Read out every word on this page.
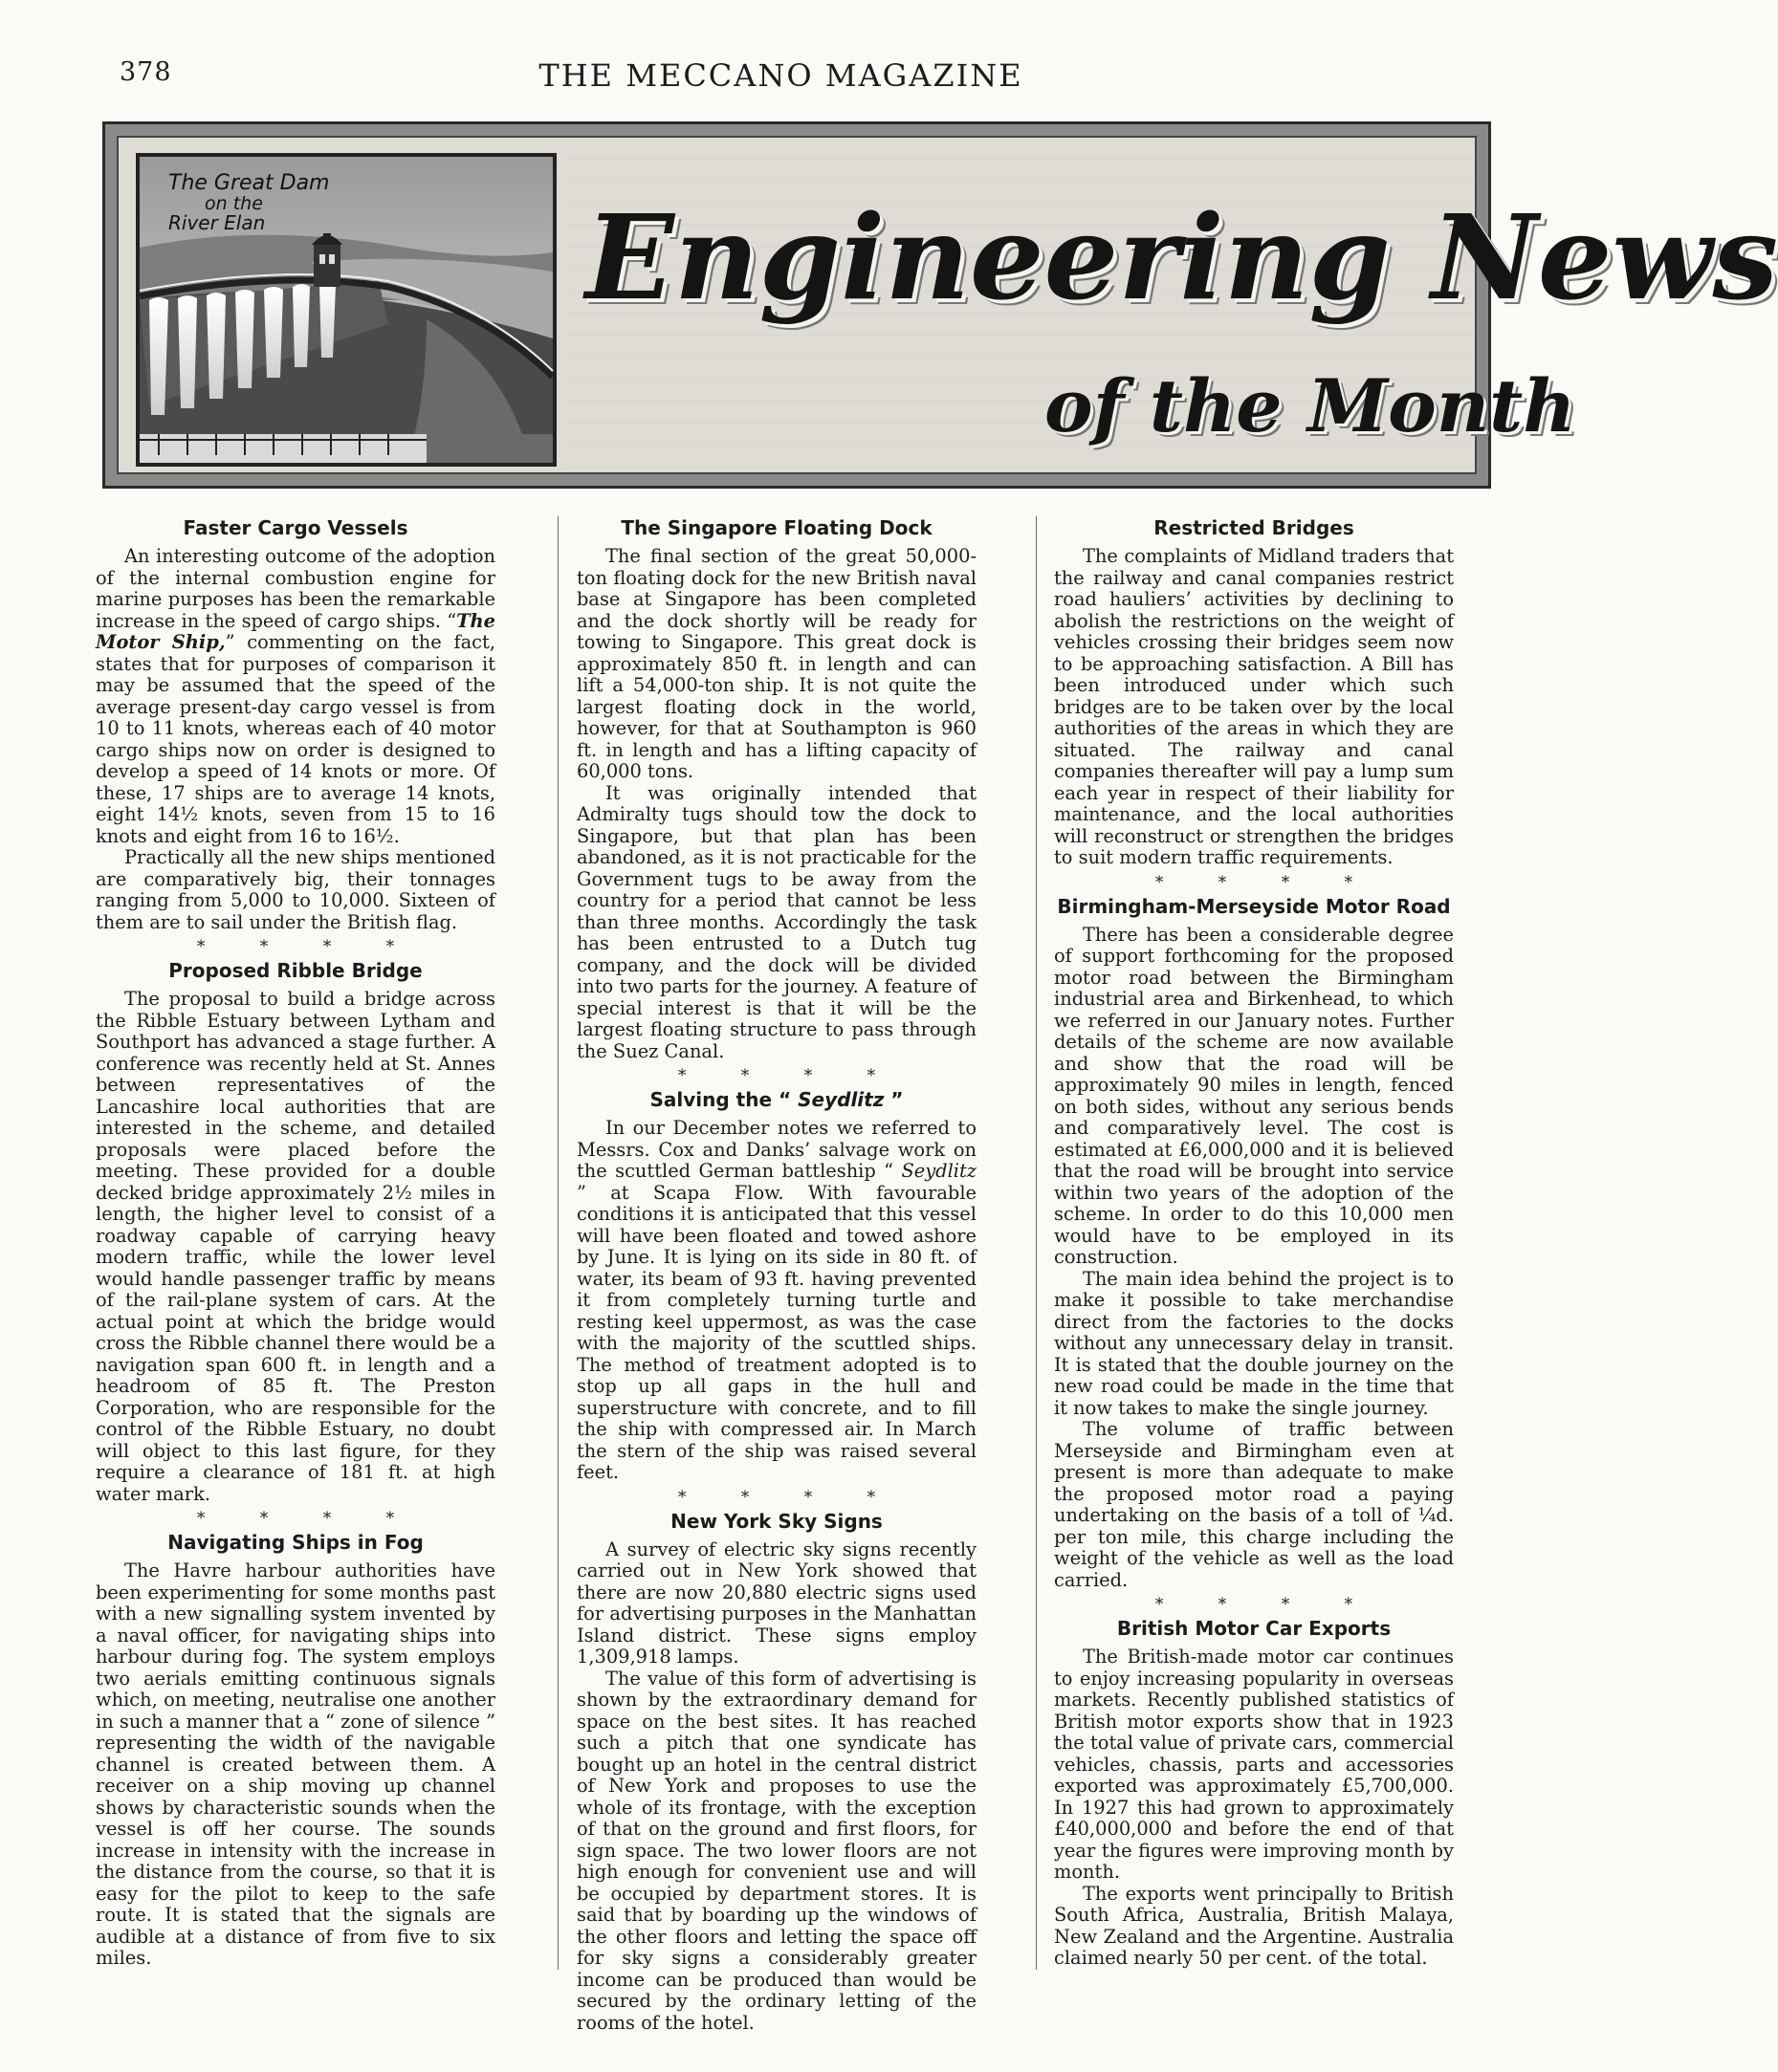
378	THE MECCANO MAGAZINE
The Great Dam
on the
River Elan	Engineering News
of the Month
Faster Cargo Vessels

An interesting outcome of the adoption of the internal combustion engine for marine purposes has been the remarkable increase in the speed of cargo ships. “The Motor Ship,” commenting on the fact, states that for purposes of comparison it may be assumed that the speed of the average present-day cargo vessel is from 10 to 11 knots, whereas each of 40 motor cargo ships now on order is designed to develop a speed of 14 knots or more. Of these, 17 ships are to average 14 knots, eight 14½ knots, seven from 15 to 16 knots and eight from 16 to 16½.

Practically all the new ships mentioned are comparatively big, their tonnages ranging from 5,000 to 10,000. Sixteen of them are to sail under the British flag.

* * * *
Proposed Ribble Bridge

The proposal to build a bridge across the Ribble Estuary between Lytham and Southport has advanced a stage further. A conference was recently held at St. Annes between representatives of the Lancashire local authorities that are interested in the scheme, and detailed proposals were placed before the meeting. These provided for a double decked bridge approximately 2½ miles in length, the higher level to consist of a roadway capable of carrying heavy modern traffic, while the lower level would handle passenger traffic by means of the rail-plane system of cars. At the actual point at which the bridge would cross the Ribble channel there would be a navigation span 600 ft. in length and a headroom of 85 ft. The Preston Corporation, who are responsible for the control of the Ribble Estuary, no doubt will object to this last figure, for they require a clearance of 181 ft. at high water mark.

* * * *
Navigating Ships in Fog

The Havre harbour authorities have been experimenting for some months past with a new signalling system invented by a naval officer, for navigating ships into harbour during fog. The system employs two aerials emitting continuous signals which, on meeting, neutralise one another in such a manner that a “ zone of silence ” representing the width of the navigable channel is created between them. A receiver on a ship moving up channel shows by characteristic sounds when the vessel is off her course. The sounds increase in intensity with the increase in the distance from the course, so that it is easy for the pilot to keep to the safe route. It is stated that the signals are audible at a distance of from five to six miles.

The Singapore Floating Dock

The final section of the great 50,000-ton floating dock for the new British naval base at Singapore has been completed and the dock shortly will be ready for towing to Singapore. This great dock is approximately 850 ft. in length and can lift a 54,000-ton ship. It is not quite the largest floating dock in the world, however, for that at Southampton is 960 ft. in length and has a lifting capacity of 60,000 tons.

It was originally intended that Admiralty tugs should tow the dock to Singapore, but that plan has been abandoned, as it is not practicable for the Government tugs to be away from the country for a period that cannot be less than three months. Accordingly the task has been entrusted to a Dutch tug company, and the dock will be divided into two parts for the journey. A feature of special interest is that it will be the largest floating structure to pass through the Suez Canal.

* * * *
Salving the “ Seydlitz ”

In our December notes we referred to Messrs. Cox and Danks’ salvage work on the scuttled German battleship “ Seydlitz ” at Scapa Flow. With favourable conditions it is anticipated that this vessel will have been floated and towed ashore by June. It is lying on its side in 80 ft. of water, its beam of 93 ft. having prevented it from completely turning turtle and resting keel uppermost, as was the case with the majority of the scuttled ships. The method of treatment adopted is to stop up all gaps in the hull and superstructure with concrete, and to fill the ship with compressed air. In March the stern of the ship was raised several feet.

* * * *
New York Sky Signs

A survey of electric sky signs recently carried out in New York showed that there are now 20,880 electric signs used for advertising purposes in the Manhattan Island district. These signs employ 1,309,918 lamps.

The value of this form of advertising is shown by the extraordinary demand for space on the best sites. It has reached such a pitch that one syndicate has bought up an hotel in the central district of New York and proposes to use the whole of its frontage, with the exception of that on the ground and first floors, for sign space. The two lower floors are not high enough for convenient use and will be occupied by department stores. It is said that by boarding up the windows of the other floors and letting the space off for sky signs a considerably greater income can be produced than would be secured by the ordinary letting of the rooms of the hotel.

Restricted Bridges

The complaints of Midland traders that the railway and canal companies restrict road hauliers’ activities by declining to abolish the restrictions on the weight of vehicles crossing their bridges seem now to be approaching satisfaction. A Bill has been introduced under which such bridges are to be taken over by the local authorities of the areas in which they are situated. The railway and canal companies thereafter will pay a lump sum each year in respect of their liability for maintenance, and the local authorities will reconstruct or strengthen the bridges to suit modern traffic requirements.

* * * *
Birmingham-Merseyside Motor Road

There has been a considerable degree of support forthcoming for the proposed motor road between the Birmingham industrial area and Birkenhead, to which we referred in our January notes. Further details of the scheme are now available and show that the road will be approximately 90 miles in length, fenced on both sides, without any serious bends and comparatively level. The cost is estimated at £6,000,000 and it is believed that the road will be brought into service within two years of the adoption of the scheme. In order to do this 10,000 men would have to be employed in its construction.

The main idea behind the project is to make it possible to take merchandise direct from the factories to the docks without any unnecessary delay in transit. It is stated that the double journey on the new road could be made in the time that it now takes to make the single journey.

The volume of traffic between Merseyside and Birmingham even at present is more than adequate to make the proposed motor road a paying undertaking on the basis of a toll of ¼d. per ton mile, this charge including the weight of the vehicle as well as the load carried.

* * * *
British Motor Car Exports

The British-made motor car continues to enjoy increasing popularity in overseas markets. Recently published statistics of British motor exports show that in 1923 the total value of private cars, commercial vehicles, chassis, parts and accessories exported was approximately £5,700,000. In 1927 this had grown to approximately £40,000,000 and before the end of that year the figures were improving month by month.

The exports went principally to British South Africa, Australia, British Malaya, New Zealand and the Argentine. Australia claimed nearly 50 per cent. of the total.
